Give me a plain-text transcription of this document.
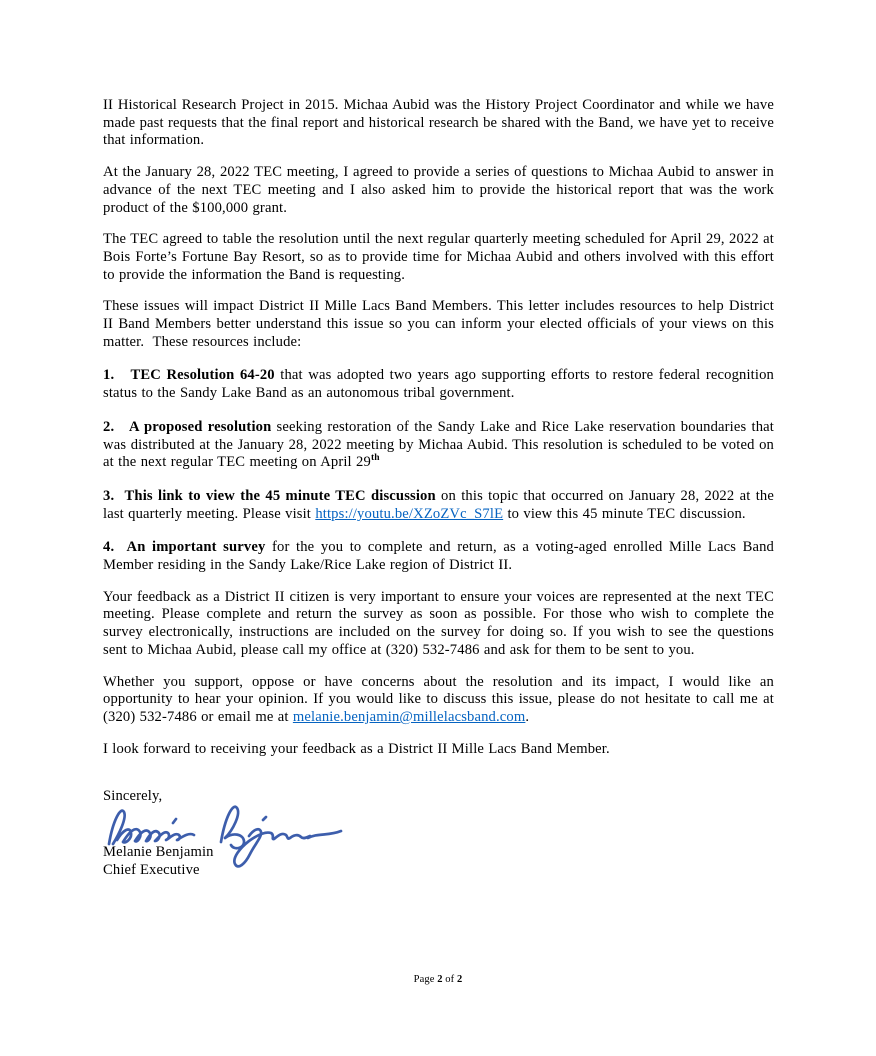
II Historical Research Project in 2015. Michaa Aubid was the History Project Coordinator and while we have made past requests that the final report and historical research be shared with the Band, we have yet to receive that information.

At the January 28, 2022 TEC meeting, I agreed to provide a series of questions to Michaa Aubid to answer in advance of the next TEC meeting and I also asked him to provide the historical report that was the work product of the $100,000 grant.

The TEC agreed to table the resolution until the next regular quarterly meeting scheduled for April 29, 2022 at Bois Forte’s Fortune Bay Resort, so as to provide time for Michaa Aubid and others involved with this effort to provide the information the Band is requesting.

These issues will impact District II Mille Lacs Band Members. This letter includes resources to help District II Band Members better understand this issue so you can inform your elected officials of your views on this matter.  These resources include:

1.   TEC Resolution 64-20 that was adopted two years ago supporting efforts to restore federal recognition status to the Sandy Lake Band as an autonomous tribal government.

2.   A proposed resolution seeking restoration of the Sandy Lake and Rice Lake reservation boundaries that was distributed at the January 28, 2022 meeting by Michaa Aubid. This resolution is scheduled to be voted on at the next regular TEC meeting on April 29th

3.  This link to view the 45 minute TEC discussion on this topic that occurred on January 28, 2022 at the last quarterly meeting. Please visit https://youtu.be/XZoZVc_S7lE to view this 45 minute TEC discussion.

4.  An important survey for the you to complete and return, as a voting-aged enrolled Mille Lacs Band Member residing in the Sandy Lake/Rice Lake region of District II.

Your feedback as a District II citizen is very important to ensure your voices are represented at the next TEC meeting. Please complete and return the survey as soon as possible. For those who wish to complete the survey electronically, instructions are included on the survey for doing so. If you wish to see the questions sent to Michaa Aubid, please call my office at (320) 532-7486 and ask for them to be sent to you.

Whether you support, oppose or have concerns about the resolution and its impact, I would like an opportunity to hear your opinion. If you would like to discuss this issue, please do not hesitate to call me at (320) 532-7486 or email me at melanie.benjamin@millelacsband.com.

I look forward to receiving your feedback as a District II Mille Lacs Band Member.

Sincerely,

Melanie Benjamin
Chief Executive
Page 2 of 2
